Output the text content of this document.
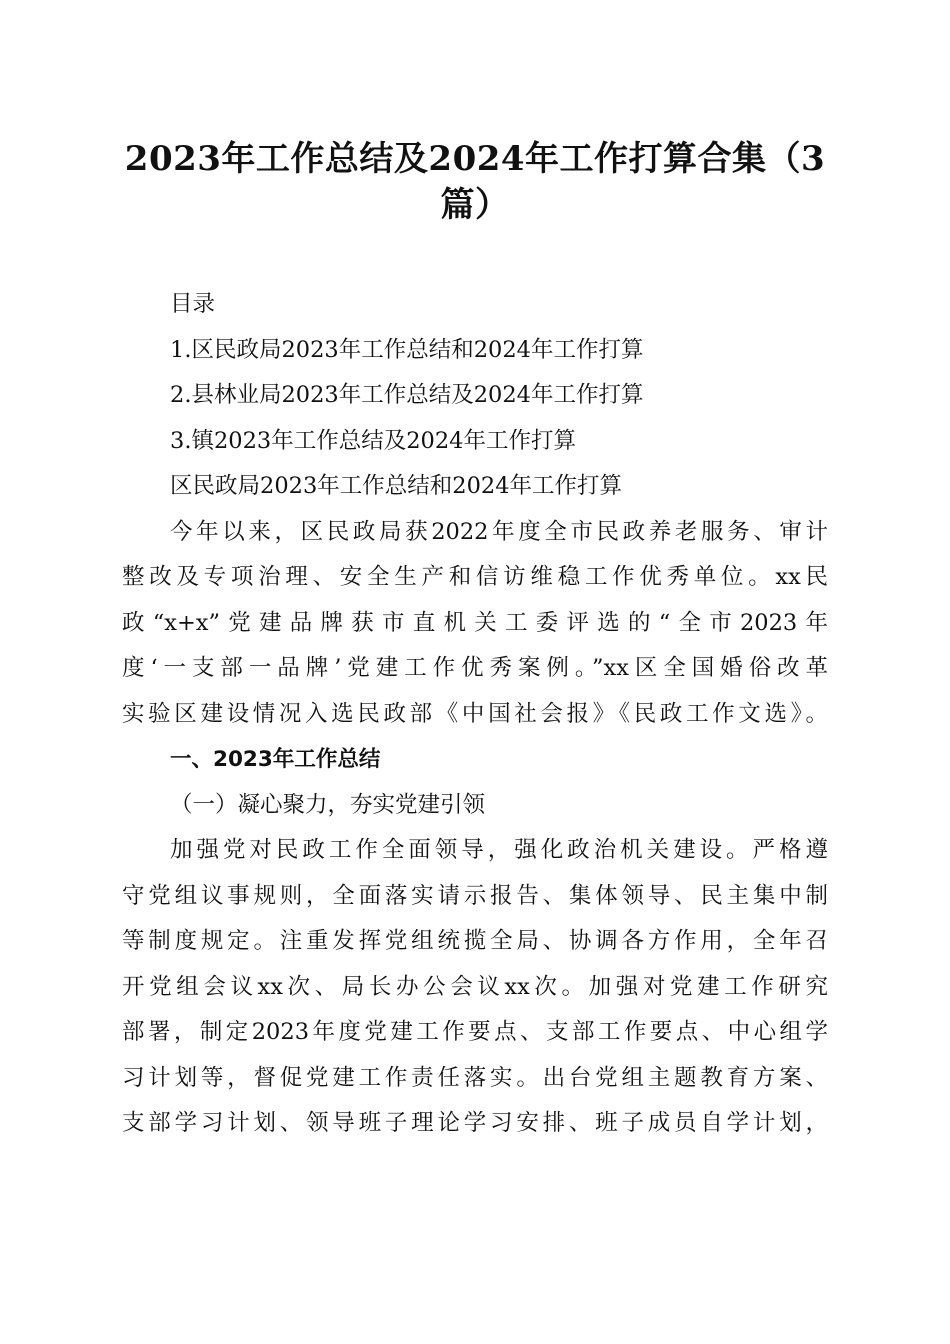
2023年工作总结及2024年工作打算合集（3
篇）

目录

1.区民政局2023年工作总结和2024年工作打算

2.县林业局2023年工作总结及2024年工作打算

3.镇2023年工作总结及2024年工作打算

区民政局2023年工作总结和2024年工作打算

今年以来，区民政局获2022年度全市民政养老服务、审计

整改及专项治理、安全生产和信访维稳工作优秀单位。xx民

政“x+x”党建品牌获市直机关工委评选的“全市2023年

度‘一支部一品牌’党建工作优秀案例。”xx区全国婚俗改革

实验区建设情况入选民政部《中国社会报》《民政工作文选》。

一、2023年工作总结

（一）凝心聚力，夯实党建引领

加强党对民政工作全面领导，强化政治机关建设。严格遵

守党组议事规则，全面落实请示报告、集体领导、民主集中制

等制度规定。注重发挥党组统揽全局、协调各方作用，全年召

开党组会议xx次、局长办公会议xx次。加强对党建工作研究

部署，制定2023年度党建工作要点、支部工作要点、中心组学

习计划等，督促党建工作责任落实。出台党组主题教育方案、

支部学习计划、领导班子理论学习安排、班子成员自学计划，
